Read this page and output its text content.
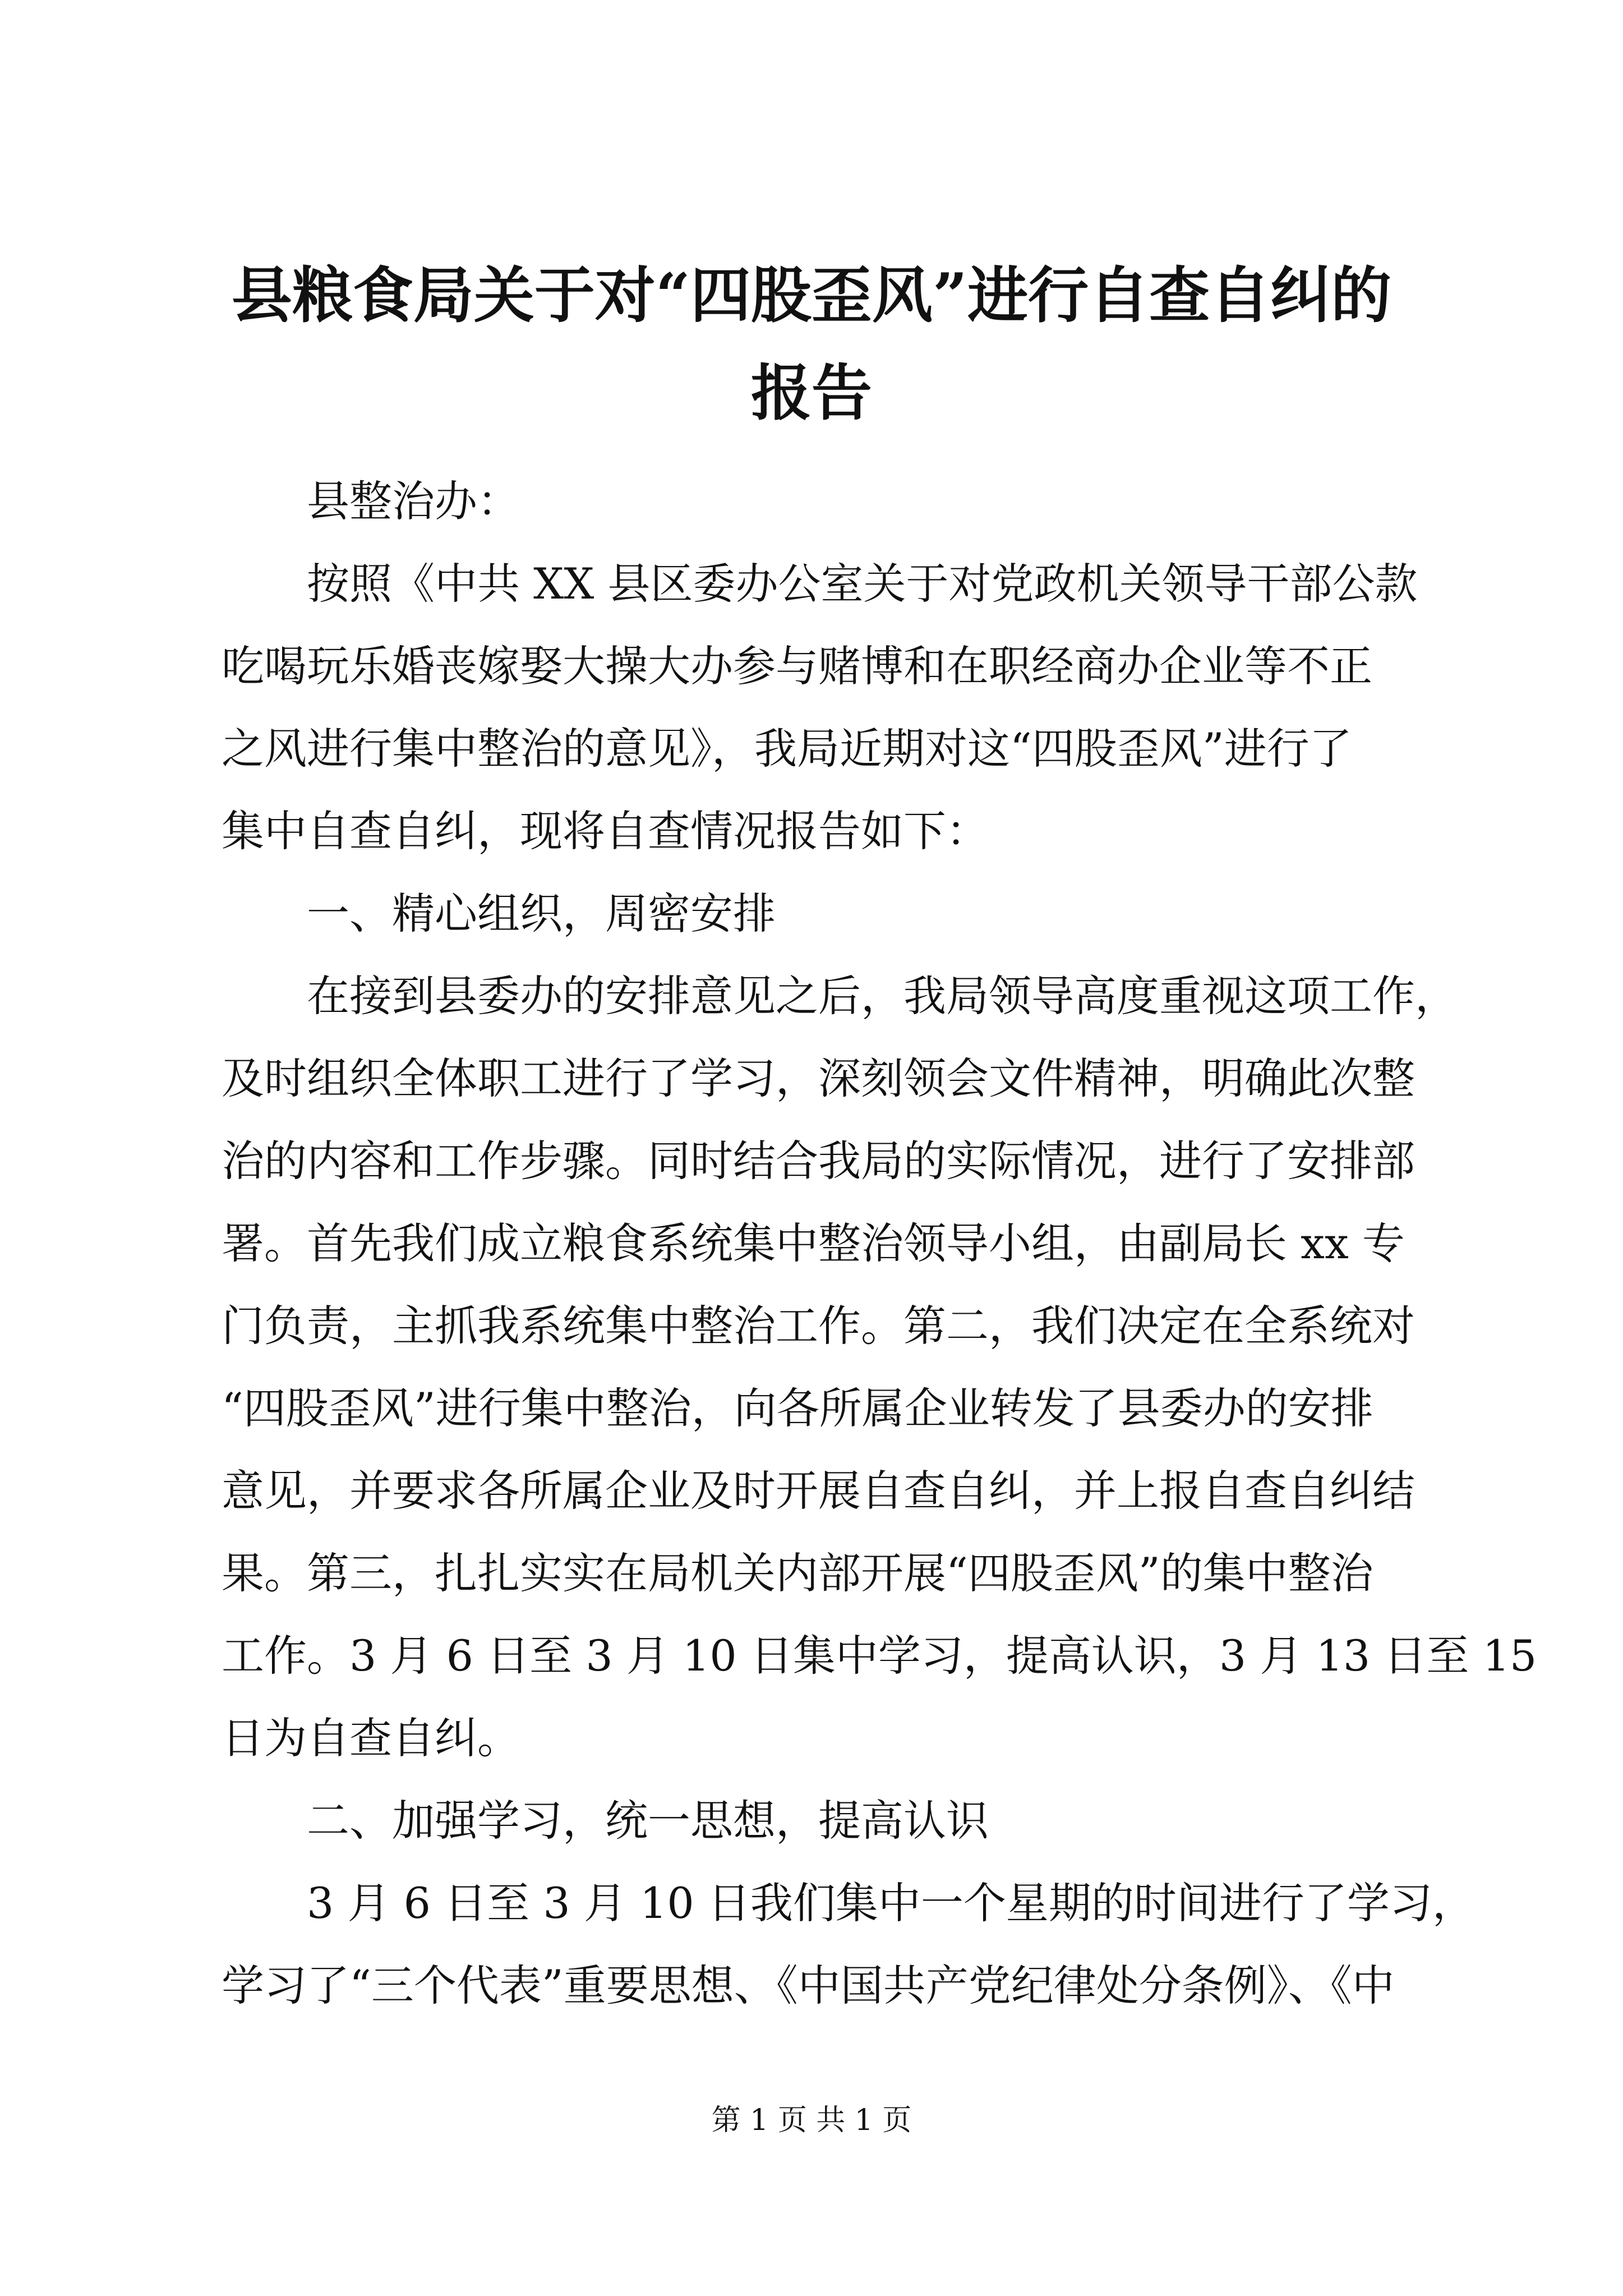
县粮食局关于对“四股歪风”进行自查自纠的
报告
县整治办：
按照《中共 XX 县区委办公室关于对党政机关领导干部公款
吃喝玩乐婚丧嫁娶大操大办参与赌博和在职经商办企业等不正
之风进行集中整治的意见》，我局近期对这“四股歪风”进行了
集中自查自纠，现将自查情况报告如下：
一、精心组织，周密安排
在接到县委办的安排意见之后，我局领导高度重视这项工作，
及时组织全体职工进行了学习，深刻领会文件精神，明确此次整
治的内容和工作步骤。同时结合我局的实际情况，进行了安排部
署。首先我们成立粮食系统集中整治领导小组，由副局长 xx 专
门负责，主抓我系统集中整治工作。第二，我们决定在全系统对
“四股歪风”进行集中整治，向各所属企业转发了县委办的安排
意见，并要求各所属企业及时开展自查自纠，并上报自查自纠结
果。第三，扎扎实实在局机关内部开展“四股歪风”的集中整治
工作。3 月 6 日至 3 月 10 日集中学习，提高认识，3 月 13 日至 15
日为自查自纠。
二、加强学习，统一思想，提高认识
3 月 6 日至 3 月 10 日我们集中一个星期的时间进行了学习，
学习了“三个代表”重要思想、《中国共产党纪律处分条例》、《中
第 1 页 共 1 页
